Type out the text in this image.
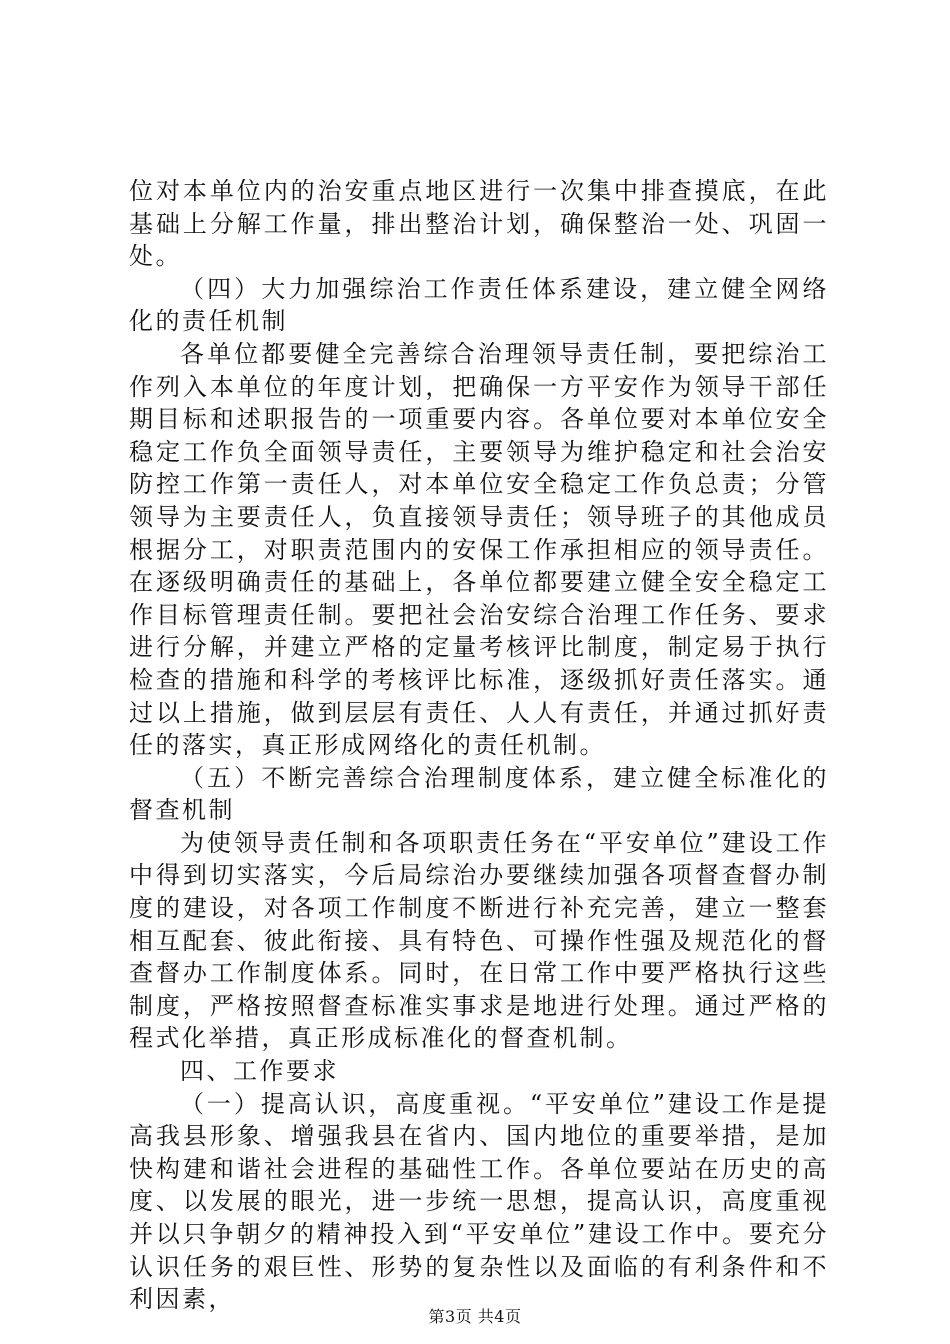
位对本单位内的治安重点地区进行一次集中排查摸底，在此基础上分解工作量，排出整治计划，确保整治一处、巩固一处。

（四）大力加强综治工作责任体系建设，建立健全网络化的责任机制

各单位都要健全完善综合治理领导责任制，要把综治工作列入本单位的年度计划，把确保一方平安作为领导干部任期目标和述职报告的一项重要内容。各单位要对本单位安全稳定工作负全面领导责任，主要领导为维护稳定和社会治安防控工作第一责任人，对本单位安全稳定工作负总责；分管领导为主要责任人，负直接领导责任；领导班子的其他成员根据分工，对职责范围内的安保工作承担相应的领导责任。在逐级明确责任的基础上，各单位都要建立健全安全稳定工作目标管理责任制。要把社会治安综合治理工作任务、要求进行分解，并建立严格的定量考核评比制度，制定易于执行检查的措施和科学的考核评比标准，逐级抓好责任落实。通过以上措施，做到层层有责任、人人有责任，并通过抓好责任的落实，真正形成网络化的责任机制。

（五）不断完善综合治理制度体系，建立健全标准化的督查机制

为使领导责任制和各项职责任务在“平安单位”建设工作中得到切实落实，今后局综治办要继续加强各项督查督办制度的建设，对各项工作制度不断进行补充完善，建立一整套相互配套、彼此衔接、具有特色、可操作性强及规范化的督查督办工作制度体系。同时，在日常工作中要严格执行这些制度，严格按照督查标准实事求是地进行处理。通过严格的程式化举措，真正形成标准化的督查机制。

四、工作要求

（一）提高认识，高度重视。“平安单位”建设工作是提高我县形象、增强我县在省内、国内地位的重要举措，是加快构建和谐社会进程的基础性工作。各单位要站在历史的高度、以发展的眼光，进一步统一思想，提高认识，高度重视并以只争朝夕的精神投入到“平安单位”建设工作中。要充分认识任务的艰巨性、形势的复杂性以及面临的有利条件和不利因素，

第3页 共4页
